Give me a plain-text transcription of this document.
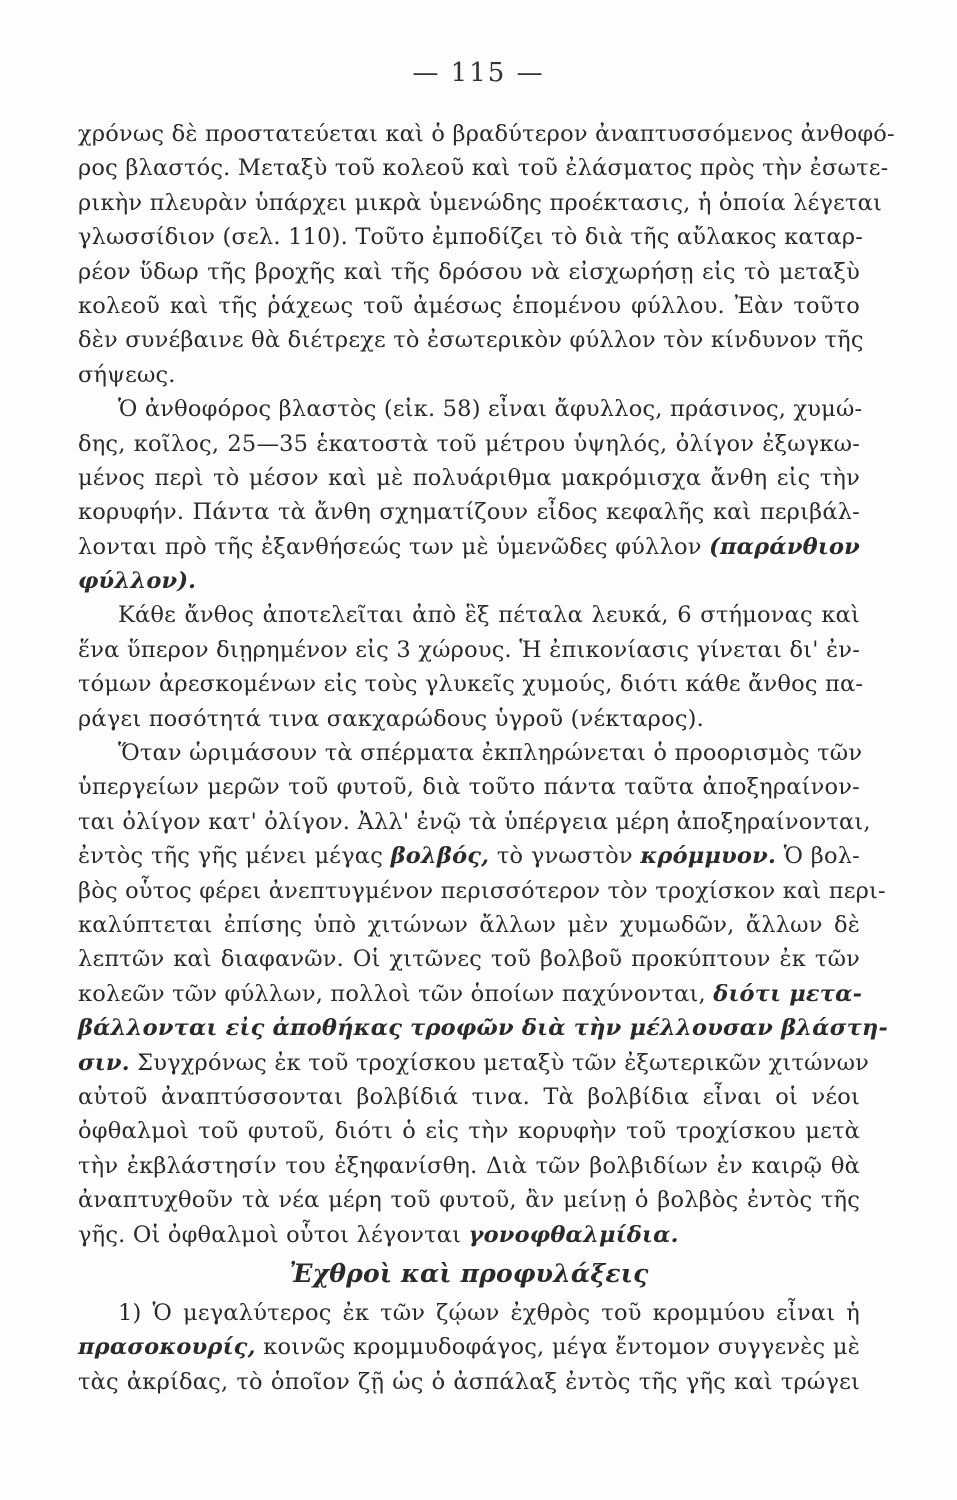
— 115 —
χρόνως δὲ προστατεύεται καὶ ὁ βραδύτερον ἀναπτυσσόμενος ἀνθοφό-
ρος βλαστός. Μεταξὺ τοῦ κολεοῦ καὶ τοῦ ἐλάσματος πρὸς τὴν ἐσωτε-
ρικὴν πλευρὰν ὑπάρχει μικρὰ ὑμενώδης προέκτασις, ἡ ὁποία λέγεται
γλωσσίδιον (σελ. 110). Τοῦτο ἐμποδίζει τὸ διὰ τῆς αὔλακος καταρ-
ρέον ὕδωρ τῆς βροχῆς καὶ τῆς δρόσου νὰ εἰσχωρήσῃ εἰς τὸ μεταξὺ
κολεοῦ καὶ τῆς ῥάχεως τοῦ ἀμέσως ἑπομένου φύλλου. Ἐὰν τοῦτο
δὲν συνέβαινε θὰ διέτρεχε τὸ ἐσωτερικὸν φύλλον τὸν κίνδυνον τῆς
σήψεως.
Ὁ ἀνθοφόρος βλαστὸς (εἰκ. 58) εἶναι ἄφυλλος, πράσινος, χυμώ-
δης, κοῖλος, 25—35 ἑκατοστὰ τοῦ μέτρου ὑψηλός, ὀλίγον ἐξωγκω-
μένος περὶ τὸ μέσον καὶ μὲ πολυάριθμα μακρόμισχα ἄνθη εἰς τὴν
κορυφήν. Πάντα τὰ ἄνθη σχηματίζουν εἶδος κεφαλῆς καὶ περιβάλ-
λονται πρὸ τῆς ἐξανθήσεώς των μὲ ὑμενῶδες φύλλον (παράνθιον
φύλλον).
Κάθε ἄνθος ἀποτελεῖται ἀπὸ ἓξ πέταλα λευκά, 6 στήμονας καὶ
ἕνα ὕπερον διῃρημένον εἰς 3 χώρους. Ἡ ἐπικονίασις γίνεται δι' ἐν-
τόμων ἀρεσκομένων εἰς τοὺς γλυκεῖς χυμούς, διότι κάθε ἄνθος πα-
ράγει ποσότητά τινα σακχαρώδους ὑγροῦ (νέκταρος).
Ὅταν ὡριμάσουν τὰ σπέρματα ἐκπληρώνεται ὁ προορισμὸς τῶν
ὑπεργείων μερῶν τοῦ φυτοῦ, διὰ τοῦτο πάντα ταῦτα ἀποξηραίνον-
ται ὀλίγον κατ' ὀλίγον. Ἀλλ' ἐνῷ τὰ ὑπέργεια μέρη ἀποξηραίνονται,
ἐντὸς τῆς γῆς μένει μέγας βολβός, τὸ γνωστὸν κρόμμυον. Ὁ βολ-
βὸς οὗτος φέρει ἀνεπτυγμένον περισσότερον τὸν τροχίσκον καὶ περι-
καλύπτεται ἐπίσης ὑπὸ χιτώνων ἄλλων μὲν χυμωδῶν, ἄλλων δὲ
λεπτῶν καὶ διαφανῶν. Οἱ χιτῶνες τοῦ βολβοῦ προκύπτουν ἐκ τῶν
κολεῶν τῶν φύλλων, πολλοὶ τῶν ὁποίων παχύνονται, διότι μετα-
βάλλονται εἰς ἀποθήκας τροφῶν διὰ τὴν μέλλουσαν βλάστη-
σιν. Συγχρόνως ἐκ τοῦ τροχίσκου μεταξὺ τῶν ἐξωτερικῶν χιτώνων
αὐτοῦ ἀναπτύσσονται βολβίδιά τινα. Τὰ βολβίδια εἶναι οἱ νέοι
ὀφθαλμοὶ τοῦ φυτοῦ, διότι ὁ εἰς τὴν κορυφὴν τοῦ τροχίσκου μετὰ
τὴν ἐκβλάστησίν του ἐξηφανίσθη. Διὰ τῶν βολβιδίων ἐν καιρῷ θὰ
ἀναπτυχθοῦν τὰ νέα μέρη τοῦ φυτοῦ, ἂν μείνῃ ὁ βολβὸς ἐντὸς τῆς
γῆς. Οἱ ὀφθαλμοὶ οὗτοι λέγονται γονοφθαλμίδια.
Ἐχθροὶ καὶ προφυλάξεις
1) Ὁ μεγαλύτερος ἐκ τῶν ζῴων ἐχθρὸς τοῦ κρομμύου εἶναι ἡ
πρασοκουρίς, κοινῶς κρομμυδοφάγος, μέγα ἔντομον συγγενὲς μὲ
τὰς ἀκρίδας, τὸ ὁποῖον ζῇ ὡς ὁ ἀσπάλαξ ἐντὸς τῆς γῆς καὶ τρώγει
